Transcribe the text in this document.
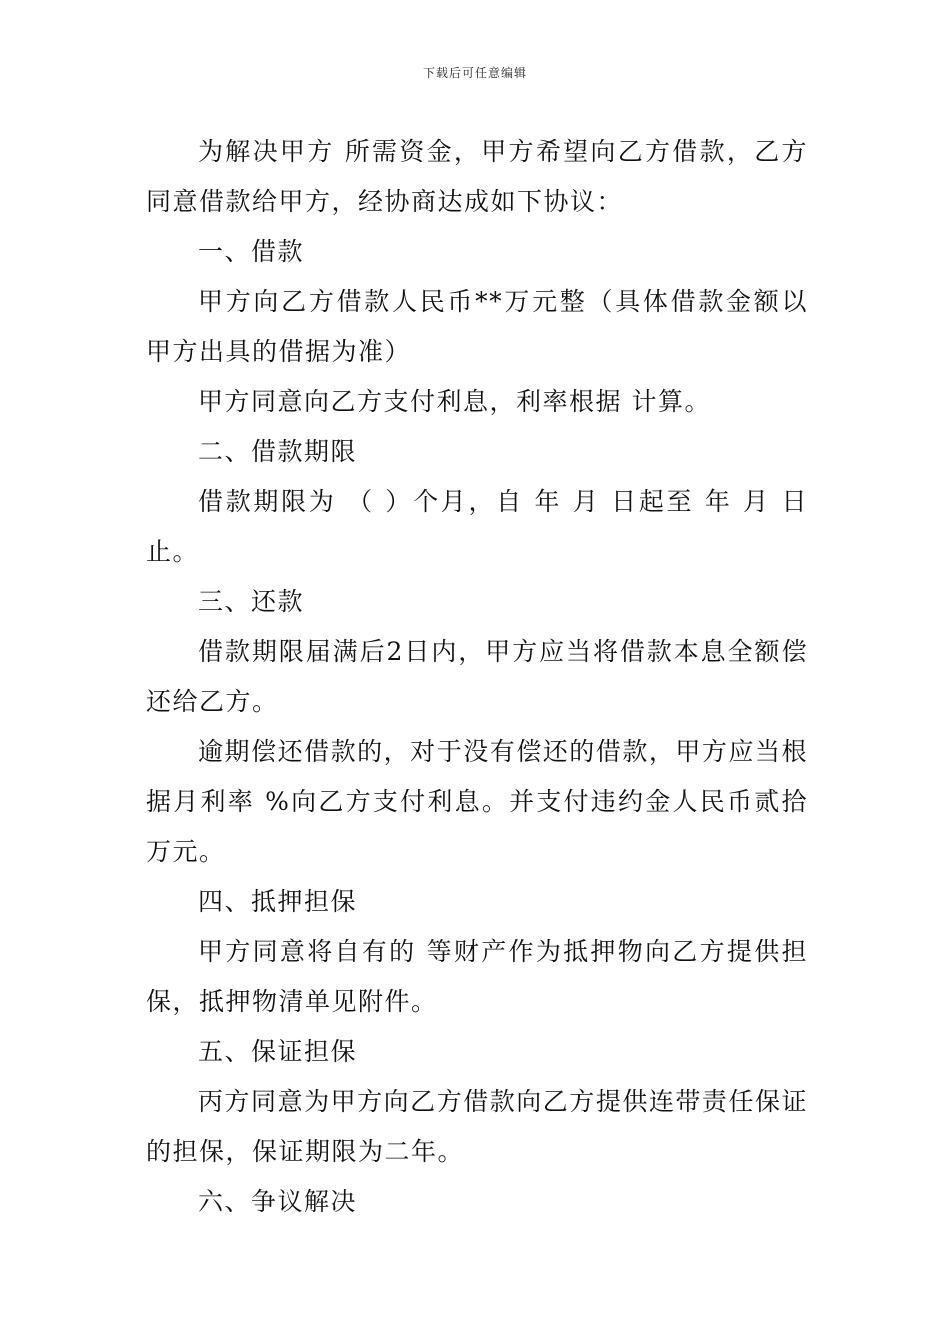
下载后可任意编辑

为解决甲方 所需资金，甲方希望向乙方借款，乙方同意借款给甲方，经协商达成如下协议：

一、借款

甲方向乙方借款人民币**万元整（具体借款金额以甲方出具的借据为准）

甲方同意向乙方支付利息，利率根据 计算。

二、借款期限

借款期限为 （ ）个月，自 年 月 日起至 年 月 日止。

三、还款

借款期限届满后2日内，甲方应当将借款本息全额偿还给乙方。

逾期偿还借款的，对于没有偿还的借款，甲方应当根据月利率 %向乙方支付利息。并支付违约金人民币贰拾万元。

四、抵押担保

甲方同意将自有的 等财产作为抵押物向乙方提供担保，抵押物清单见附件。

五、保证担保

丙方同意为甲方向乙方借款向乙方提供连带责任保证的担保，保证期限为二年。

六、争议解决
